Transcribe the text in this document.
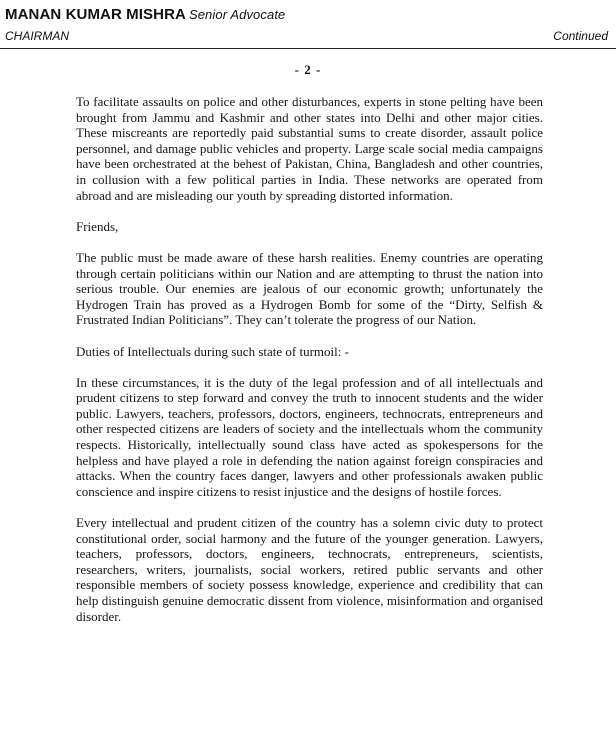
MANAN KUMAR MISHRA Senior Advocate
CHAIRMAN	Continued
- 2 -

To facilitate assaults on police and other disturbances, experts in stone pelting have been brought from Jammu and Kashmir and other states into Delhi and other major cities. These miscreants are reportedly paid substantial sums to create disorder, assault police personnel, and damage public vehicles and property. Large scale social media campaigns have been orchestrated at the behest of Pakistan, China, Bangladesh and other countries, in collusion with a few political parties in India. These networks are operated from abroad and are misleading our youth by spreading distorted information.

Friends,

The public must be made aware of these harsh realities. Enemy countries are operating through certain politicians within our Nation and are attempting to thrust the nation into serious trouble. Our enemies are jealous of our economic growth; unfortunately the Hydrogen Train has proved as a Hydrogen Bomb for some of the “Dirty, Selfish & Frustrated Indian Politicians”. They can’t tolerate the progress of our Nation.

Duties of Intellectuals during such state of turmoil: -

In these circumstances, it is the duty of the legal profession and of all intellectuals and prudent citizens to step forward and convey the truth to innocent students and the wider public. Lawyers, teachers, professors, doctors, engineers, technocrats, entrepreneurs and other respected citizens are leaders of society and the intellectuals whom the community respects. Historically, intellectually sound class have acted as spokespersons for the helpless and have played a role in defending the nation against foreign conspiracies and attacks. When the country faces danger, lawyers and other professionals awaken public conscience and inspire citizens to resist injustice and the designs of hostile forces.

Every intellectual and prudent citizen of the country has a solemn civic duty to protect constitutional order, social harmony and the future of the younger generation. Lawyers, teachers, professors, doctors, engineers, technocrats, entrepreneurs, scientists, researchers, writers, journalists, social workers, retired public servants and other responsible members of society possess knowledge, experience and credibility that can help distinguish genuine democratic dissent from violence, misinformation and organised disorder.
